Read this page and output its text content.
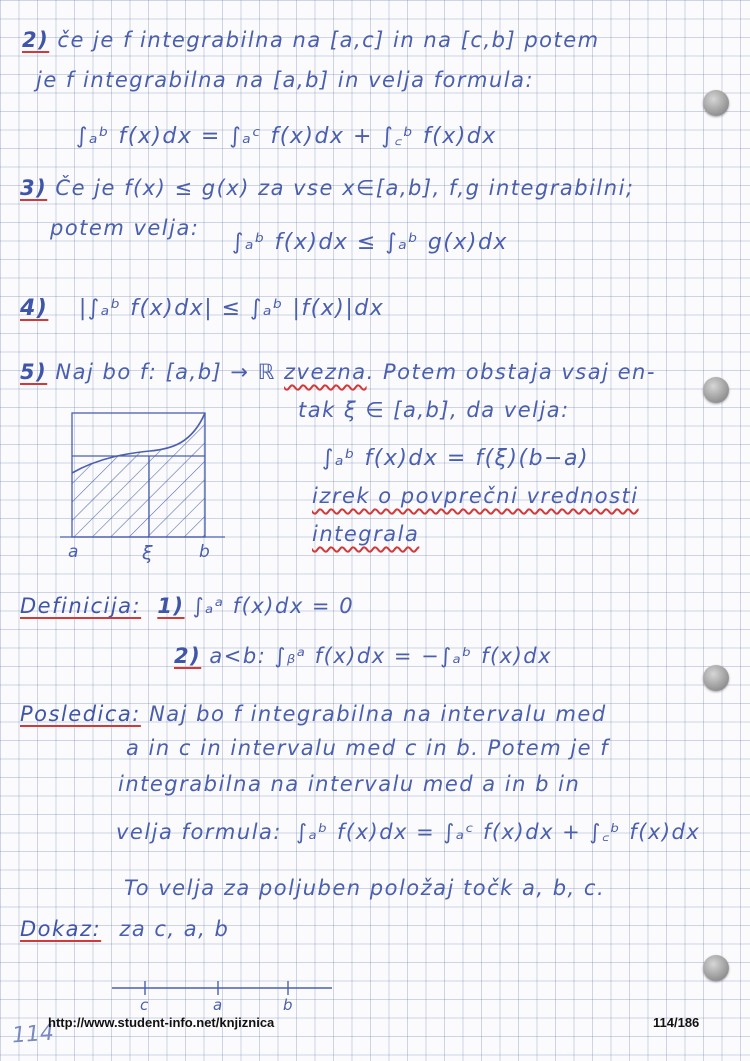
2) če je f integrabilna na [a,c] in na [c,b] potem
je f integrabilna na [a,b] in velja formula:
∫ₐᵇ f(x)dx = ∫ₐᶜ f(x)dx + ∫꜀ᵇ f(x)dx
3) Če je f(x) ≤ g(x) za vse x∈[a,b], f,g integrabilni;
potem velja:
∫ₐᵇ f(x)dx ≤ ∫ₐᵇ g(x)dx
4) |∫ₐᵇ f(x)dx| ≤ ∫ₐᵇ |f(x)|dx
5) Naj bo f: [a,b] → ℝ zvezna. Potem obstaja vsaj en-
tak ξ ∈ [a,b], da velja:
∫ₐᵇ f(x)dx = f(ξ)(b−a)
izrek o povprečni vrednosti
integrala
a	ξ	b
Definicija: 1) ∫ₐᵃ f(x)dx = 0
2) a<b: ∫ᵦᵃ f(x)dx = −∫ₐᵇ f(x)dx
Posledica: Naj bo f integrabilna na intervalu med
a in c in intervalu med c in b. Potem je f
integrabilna na intervalu med a in b in
velja formula: ∫ₐᵇ f(x)dx = ∫ₐᶜ f(x)dx + ∫꜀ᵇ f(x)dx
To velja za poljuben položaj točk a, b, c.
Dokaz: za c, a, b
c	a	b
114
http://www.student-info.net/knjiznica	114/186
